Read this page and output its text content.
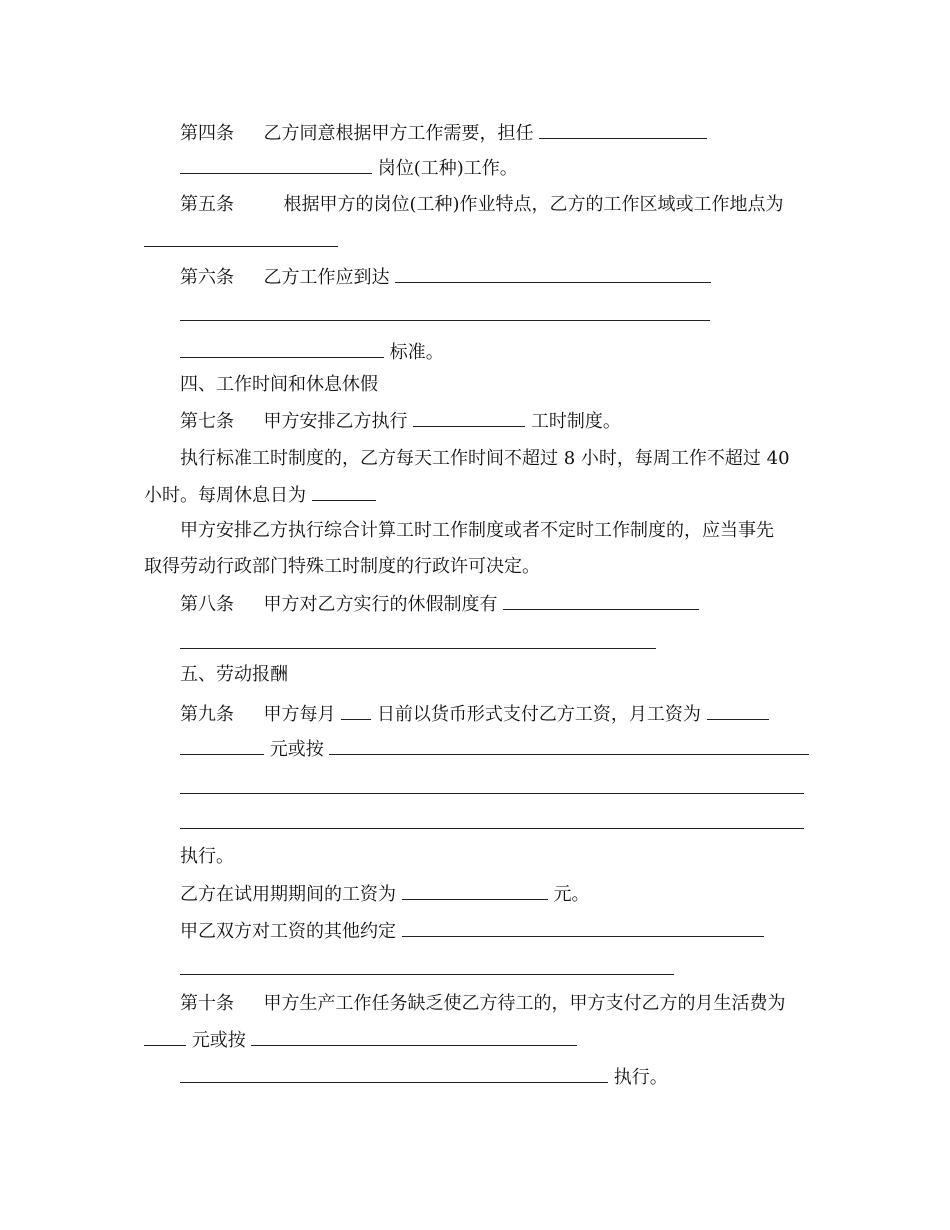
第四条 乙方同意根据甲方工作需要，担任
岗位(工种)工作。
第五条	根据甲方的岗位(工种)作业特点，乙方的工作区域或工作地点为
第六条 乙方工作应到达
标准。
四、工作时间和休息休假
第七条 甲方安排乙方执行	工时制度。
执行标准工时制度的，乙方每天工作时间不超过 8 小时，每周工作不超过 40
小时。每周休息日为
甲方安排乙方执行综合计算工时工作制度或者不定时工作制度的，应当事先
取得劳动行政部门特殊工时制度的行政许可决定。
第八条 甲方对乙方实行的休假制度有
五、劳动报酬
第九条 甲方每月 日前以货币形式支付乙方工资，月工资为
元或按
执行。
乙方在试用期期间的工资为	元。
甲乙双方对工资的其他约定
第十条 甲方生产工作任务缺乏使乙方待工的，甲方支付乙方的月生活费为
元或按
执行。
